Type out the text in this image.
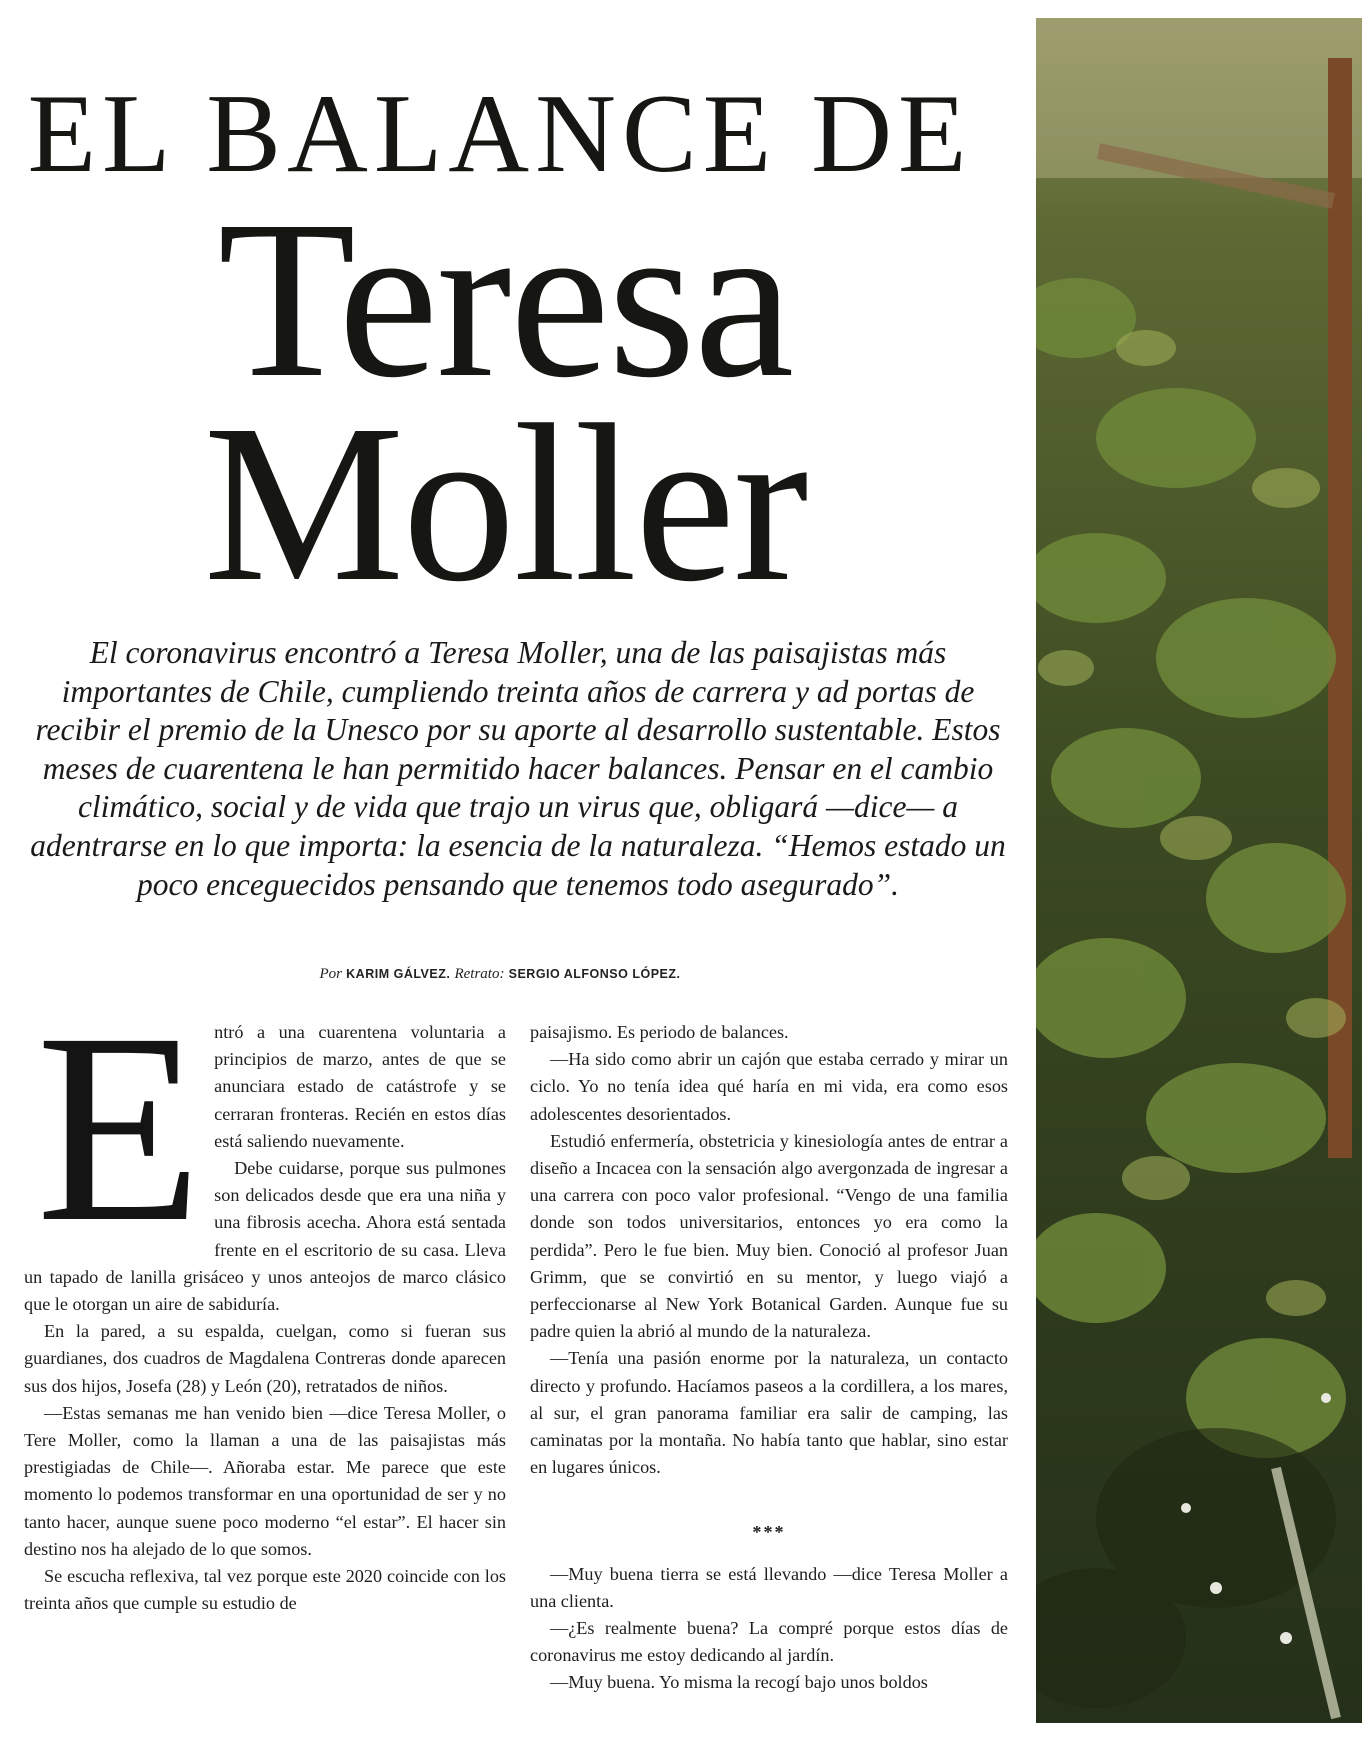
EL BALANCE DE
Teresa
Moller
El coronavirus encontró a Teresa Moller, una de las paisajistas más importantes de Chile, cumpliendo treinta años de carrera y ad portas de recibir el premio de la Unesco por su aporte al desarrollo sustentable. Estos meses de cuarentena le han permitido hacer balances. Pensar en el cambio climático, social y de vida que trajo un virus que, obligará —dice— a adentrarse en lo que importa: la esencia de la naturaleza. “Hemos estado un poco enceguecidos pensando que tenemos todo asegurado”.
Por KARIM GÁLVEZ. Retrato: SERGIO ALFONSO LÓPEZ.

Entró a una cuarentena voluntaria a principios de marzo, antes de que se anunciara estado de catástrofe y se cerraran fronteras. Recién en estos días está saliendo nuevamente.

Debe cuidarse, porque sus pulmones son delicados desde que era una niña y una fibrosis acecha. Ahora está sentada frente en el escritorio de su casa. Lleva un tapado de lanilla grisáceo y unos anteojos de marco clásico que le otorgan un aire de sabiduría.

En la pared, a su espalda, cuelgan, como si fueran sus guardianes, dos cuadros de Magdalena Contreras donde aparecen sus dos hijos, Josefa (28) y León (20), retratados de niños.

—Estas semanas me han venido bien —dice Teresa Moller, o Tere Moller, como la llaman a una de las paisajistas más prestigiadas de Chile—. Añoraba estar. Me parece que este momento lo podemos transformar en una oportunidad de ser y no tanto hacer, aunque suene poco moderno “el estar”. El hacer sin destino nos ha alejado de lo que somos.

Se escucha reflexiva, tal vez porque este 2020 coincide con los treinta años que cumple su estudio de

paisajismo. Es periodo de balances.

—Ha sido como abrir un cajón que estaba cerrado y mirar un ciclo. Yo no tenía idea qué haría en mi vida, era como esos adolescentes desorientados.

Estudió enfermería, obstetricia y kinesiología antes de entrar a diseño a Incacea con la sensación algo avergonzada de ingresar a una carrera con poco valor profesional. “Vengo de una familia donde son todos universitarios, entonces yo era como la perdida”. Pero le fue bien. Muy bien. Conoció al profesor Juan Grimm, que se convirtió en su mentor, y luego viajó a perfeccionarse al New York Botanical Garden. Aunque fue su padre quien la abrió al mundo de la naturaleza.

—Tenía una pasión enorme por la naturaleza, un contacto directo y profundo. Hacíamos paseos a la cordillera, a los mares, al sur, el gran panorama familiar era salir de camping, las caminatas por la montaña. No había tanto que hablar, sino estar en lugares únicos.

***

—Muy buena tierra se está llevando —dice Teresa Moller a una clienta.

—¿Es realmente buena? La compré porque estos días de coronavirus me estoy dedicando al jardín.

—Muy buena. Yo misma la recogí bajo unos boldos
